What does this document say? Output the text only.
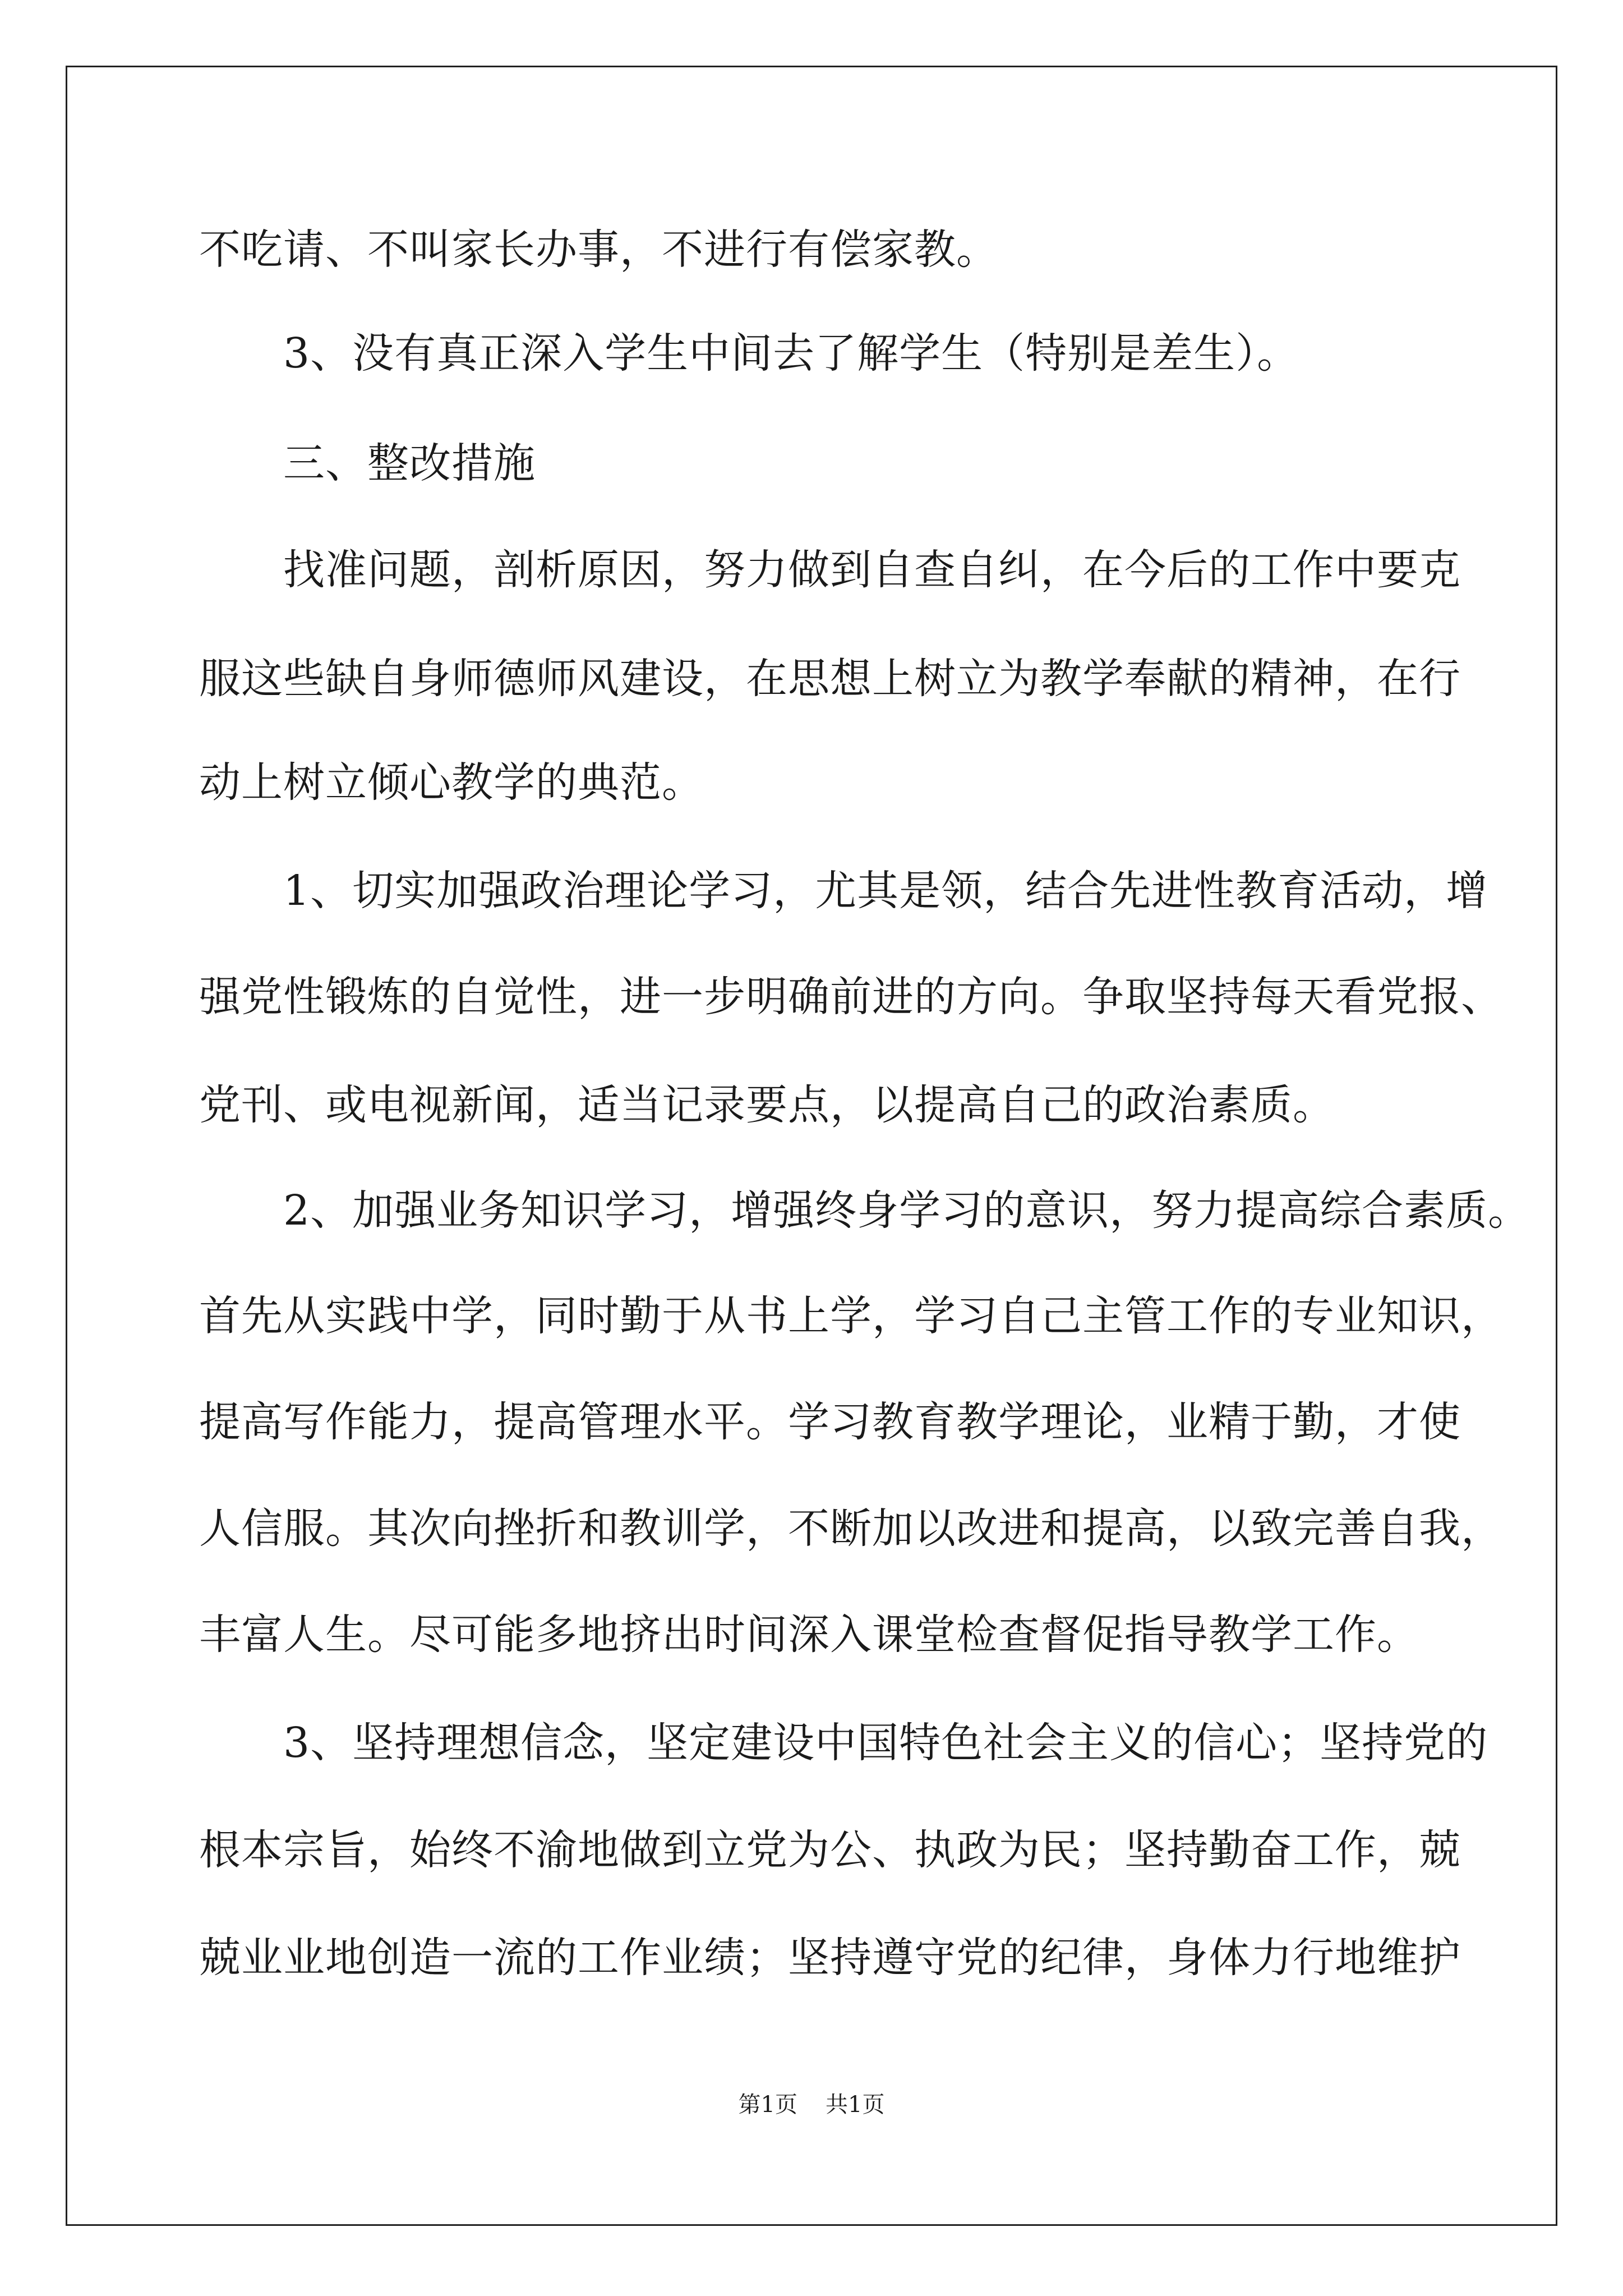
不吃请、不叫家长办事，不进行有偿家教。

　　3、没有真正深入学生中间去了解学生（特别是差生）。

　　三、整改措施

　　找准问题，剖析原因，努力做到自查自纠，在今后的工作中要克

服这些缺自身师德师风建设，在思想上树立为教学奉献的精神，在行

动上树立倾心教学的典范。

　　1、切实加强政治理论学习，尤其是领，结合先进性教育活动，增

强党性锻炼的自觉性，进一步明确前进的方向。争取坚持每天看党报、

党刊、或电视新闻，适当记录要点，以提高自己的政治素质。

　　2、加强业务知识学习，增强终身学习的意识，努力提高综合素质。

首先从实践中学，同时勤于从书上学，学习自己主管工作的专业知识，

提高写作能力，提高管理水平。学习教育教学理论，业精于勤，才使

人信服。其次向挫折和教训学，不断加以改进和提高，以致完善自我，

丰富人生。尽可能多地挤出时间深入课堂检查督促指导教学工作。

　　3、坚持理想信念，坚定建设中国特色社会主义的信心；坚持党的

根本宗旨，始终不渝地做到立党为公、执政为民；坚持勤奋工作，兢

兢业业地创造一流的工作业绩；坚持遵守党的纪律，身体力行地维护

第1页 共1页
